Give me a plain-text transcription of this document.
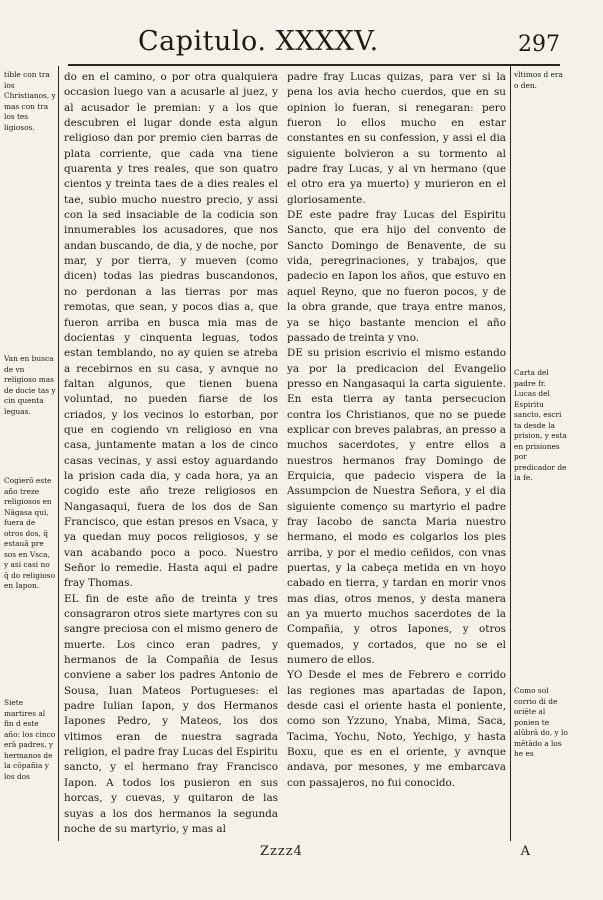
Capitulo. XXXXV.	297

tible con tra los Christianos, y mas con tra los tes ligiosos.

Van en busca de vn religioso mas de docie tas y cin quenta leguas.

Cogierō este año treze religiosos en Nāgasa qui, fuera de otros dos, q̄ estauā pre sos en Vsca, y asi casi no q̄ do religioso en Iapon.

Siete martires al fin d este año: los cinco erā padres, y hermanos de la cōpañia y los dos

do en el camino, o por otra qualquiera occasion luego van a acusarle al juez, y al acusador le premian: y a los que descubren el lugar donde esta algun religioso dan por premio cien barras de plata corriente, que cada vna tiene quarenta y tres reales, que son quatro cientos y treinta taes de a dies reales el tae, subio mucho nuestro precio, y assi con la sed insaciable de la codicia son innumerables los acusadores, que nos andan buscando, de dia, y de noche, por mar, y por tierra, y mueven (como dicen) todas las piedras buscandonos, no perdonan a las tierras por mas remotas, que sean, y pocos dias a, que fueron arriba en busca mia mas de docientas y cinquenta leguas, todos estan temblando, no ay quien se atreba a recebirnos en su casa, y avnque no faltan algunos, que tienen buena voluntad, no pueden fiarse de los criados, y los vecinos lo estorban, por que en cogiendo vn religioso en vna casa, juntamente matan a los de cinco casas vecinas, y assi estoy aguardando la prision cada dia, y cada hora, ya an cogido este año treze religiosos en Nangasaqui, fuera de los dos de San Francisco, que estan presos en Vsaca, y ya quedan muy pocos religiosos, y se van acabando poco a poco. Nuestro Señor lo remedie. Hasta aqui el padre fray Thomas.

EL fin de este año de treinta y tres consagraron otros siete martyres con su sangre preciosa con el mismo genero de muerte. Los cinco eran padres, y hermanos de la Compañia de Iesus conviene a saber los padres Antonio de Sousa, Iuan Mateos Portugueses: el padre Iulian Iapon, y dos Hermanos Iapones Pedro, y Mateos, los dos vltimos eran de nuestra sagrada religion, el padre fray Lucas del Espiritu sancto, y el hermano fray Francisco Iapon. A todos los pusieron en sus horcas, y cuevas, y quitaron de las suyas a los dos hermanos la segunda noche de su martyrio, y mas al

padre fray Lucas quizas, para ver si la pena los avia hecho cuerdos, que en su opinion lo fueran, si renegaran: pero fueron lo ellos mucho en estar constantes en su confession, y assi el dia siguiente bolvieron a su tormento al padre fray Lucas, y al vn hermano (que el otro era ya muerto) y murieron en el gloriosamente.

DE este padre fray Lucas del Espiritu Sancto, que era hijo del convento de Sancto Domingo de Benavente, de su vida, peregrinaciones, y trabajos, que padecio en Iapon los años, que estuvo en aquel Reyno, que no fueron pocos, y de la obra grande, que traya entre manos, ya se hiço bastante mencion el año passado de treinta y vno.

DE su prision escrivio el mismo estando ya por la predicacion del Evangelio presso en Nangasaqui la carta siguiente. En esta tierra ay tanta persecucion contra los Christianos, que no se puede explicar con breves palabras, an presso a muchos sacerdotes, y entre ellos a nuestros hermanos fray Domingo de Erquicia, que padecio vispera de la Assumpcion de Nuestra Señora, y el dia siguiente començo su martyrio el padre fray Iacobo de sancta Maria nuestro hermano, el modo es colgarlos los pies arriba, y por el medio ceñidos, con vnas puertas, y la cabeça metida en vn hoyo cabado en tierra, y tardan en morir vnos mas dias, otros menos, y desta manera an ya muerto muchos sacerdotes de la Compañia, y otros Iapones, y otros quemados, y cortados, que no se el numero de ellos.

YO Desde el mes de Febrero e corrido las regiones mas apartadas de Iapon, desde casi el oriente hasta el poniente, como son Yzzuno, Ynaba, Mima, Saca, Tacima, Yochu, Noto, Yechigo, y hasta Boxu, que es en el oriente, y avnque andava, por mesones, y me embarcava con passajeros, no fui conocido.

vltimos d era o den.

Carta del padre fr. Lucas del Espiritu sancto, escri ta desde la prision, y esta en prisiones por predicador de la fe.

Como sol corrio di de oriēte al ponien te alūbrā do, y lo mētādo a los he es

Zzzz4	A
